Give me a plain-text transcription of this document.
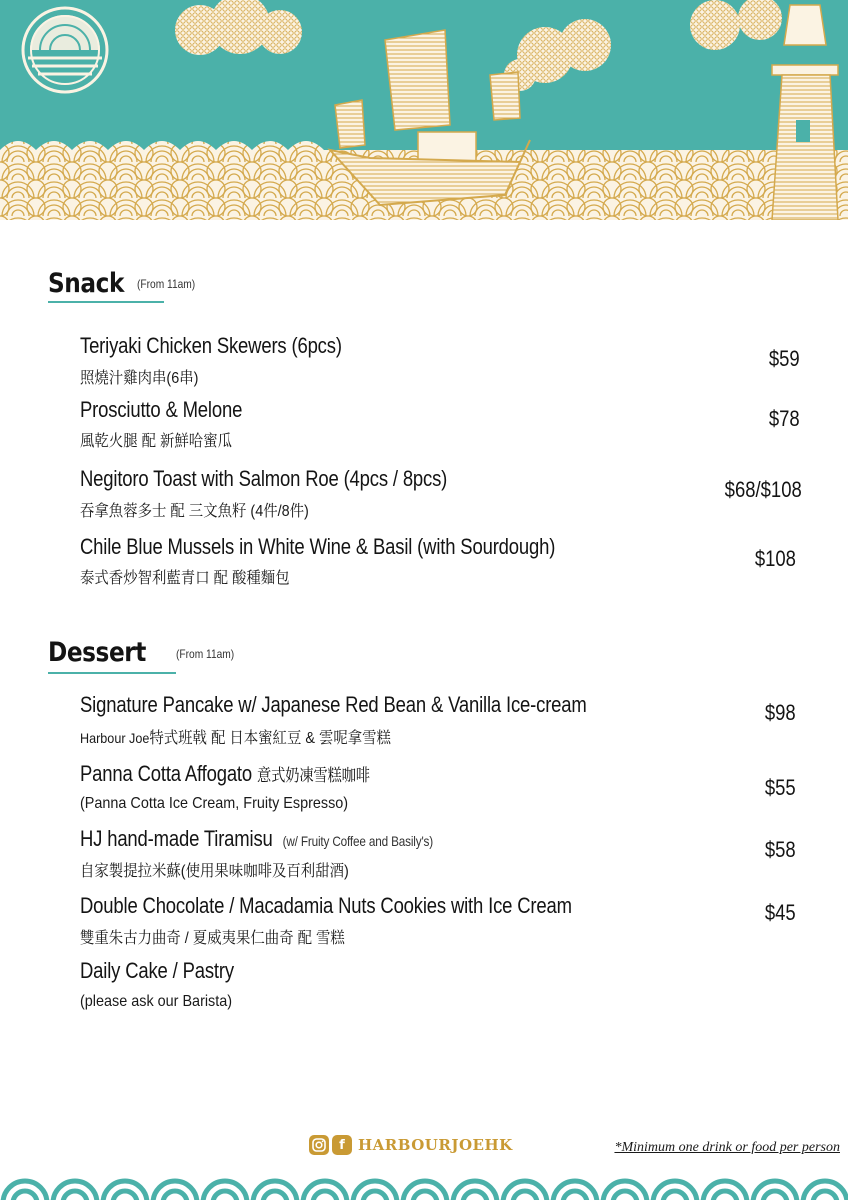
Snack (From 11am)
Teriyaki Chicken Skewers (6pcs)
照燒汁雞肉串(6串)
$59
Prosciutto & Melone
風乾火腿 配 新鮮哈蜜瓜
$78
Negitoro Toast with Salmon Roe (4pcs / 8pcs)
吞拿魚蓉多士 配 三文魚籽 (4件/8件)
$68/$108
Chile Blue Mussels in White Wine & Basil (with Sourdough)
泰式香炒智利藍青口 配 酸種麵包
$108
Dessert	(From 11am)
Signature Pancake w/ Japanese Red Bean & Vanilla Ice-cream
Harbour Joe特式班戟 配 日本蜜紅豆 & 雲呢拿雪糕
$98
Panna Cotta Affogato 意式奶凍雪糕咖啡
(Panna Cotta Ice Cream, Fruity Espresso)
$55
HJ hand-made Tiramisu (w/ Fruity Coffee and Basily's)
自家製提拉米蘇(使用果味咖啡及百利甜酒)
$58
Double Chocolate / Macadamia Nuts Cookies with Ice Cream
雙重朱古力曲奇 / 夏威夷果仁曲奇 配 雪糕
$45
Daily Cake / Pastry
(please ask our Barista)
f HARBOURJOEHK	*Minimum one drink or food per person
